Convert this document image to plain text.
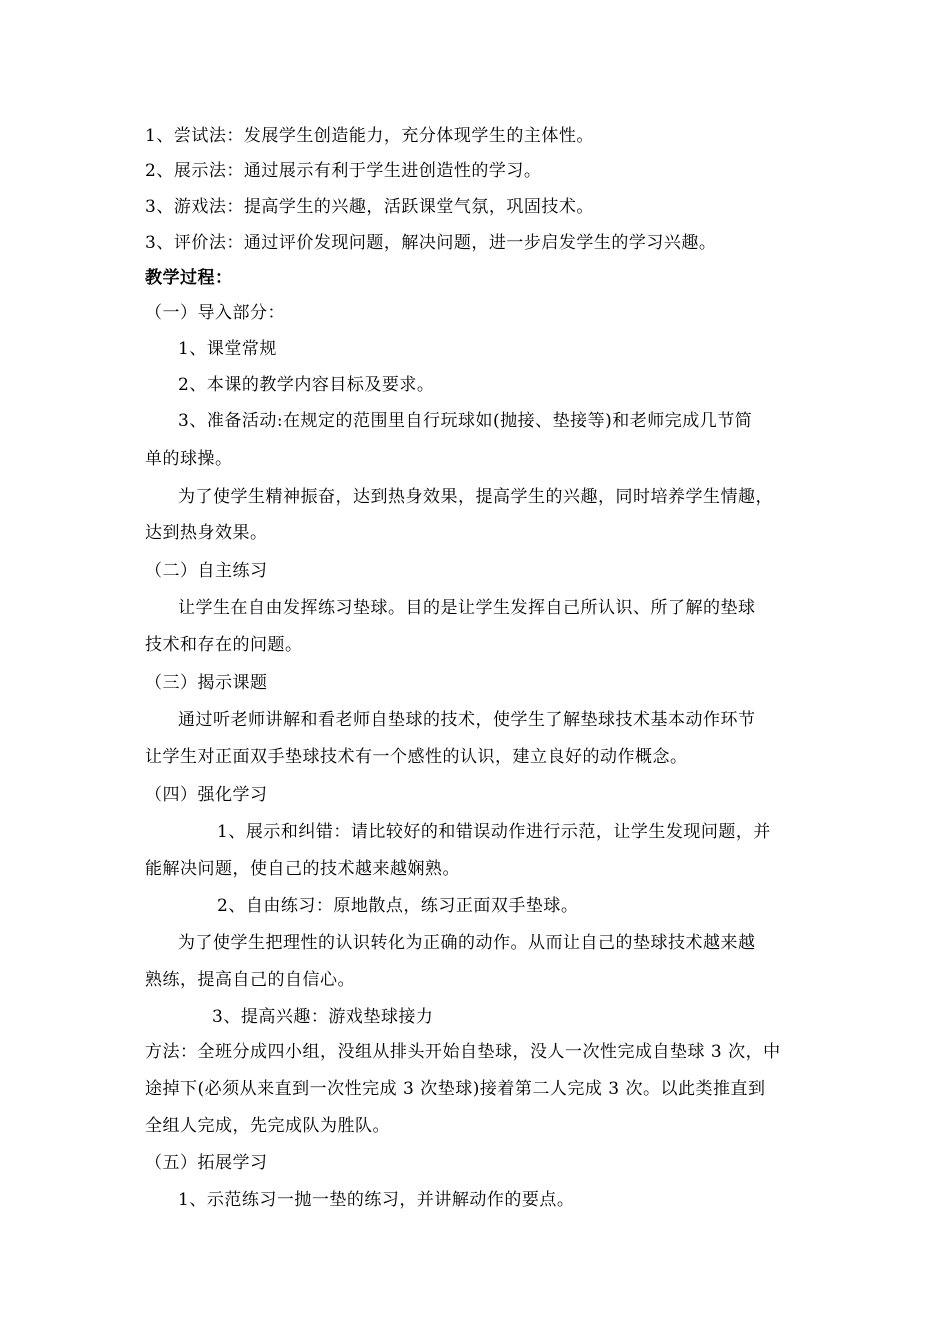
1、尝试法：发展学生创造能力，充分体现学生的主体性。
2、展示法：通过展示有利于学生进创造性的学习。
3、游戏法：提高学生的兴趣，活跃课堂气氛，巩固技术。
3、评价法：通过评价发现问题，解决问题，进一步启发学生的学习兴趣。
教学过程：
（一）导入部分：
1、课堂常规
2、本课的教学内容目标及要求。
3、准备活动:在规定的范围里自行玩球如(抛接、垫接等)和老师完成几节简
单的球操。
为了使学生精神振奋，达到热身效果，提高学生的兴趣，同时培养学生情趣，
达到热身效果。
（二）自主练习
让学生在自由发挥练习垫球。目的是让学生发挥自己所认识、所了解的垫球
技术和存在的问题。
（三）揭示课题
通过听老师讲解和看老师自垫球的技术，使学生了解垫球技术基本动作环节
让学生对正面双手垫球技术有一个感性的认识，建立良好的动作概念。
（四）强化学习
1、展示和纠错：请比较好的和错误动作进行示范，让学生发现问题，并
能解决问题，使自己的技术越来越娴熟。
2、自由练习：原地散点，练习正面双手垫球。
为了使学生把理性的认识转化为正确的动作。从而让自己的垫球技术越来越
熟练，提高自己的自信心。
3、提高兴趣：游戏垫球接力
方法：全班分成四小组，没组从排头开始自垫球，没人一次性完成自垫球 3 次，中
途掉下(必须从来直到一次性完成 3 次垫球)接着第二人完成 3 次。以此类推直到
全组人完成，先完成队为胜队。
（五）拓展学习
1、示范练习一抛一垫的练习，并讲解动作的要点。
